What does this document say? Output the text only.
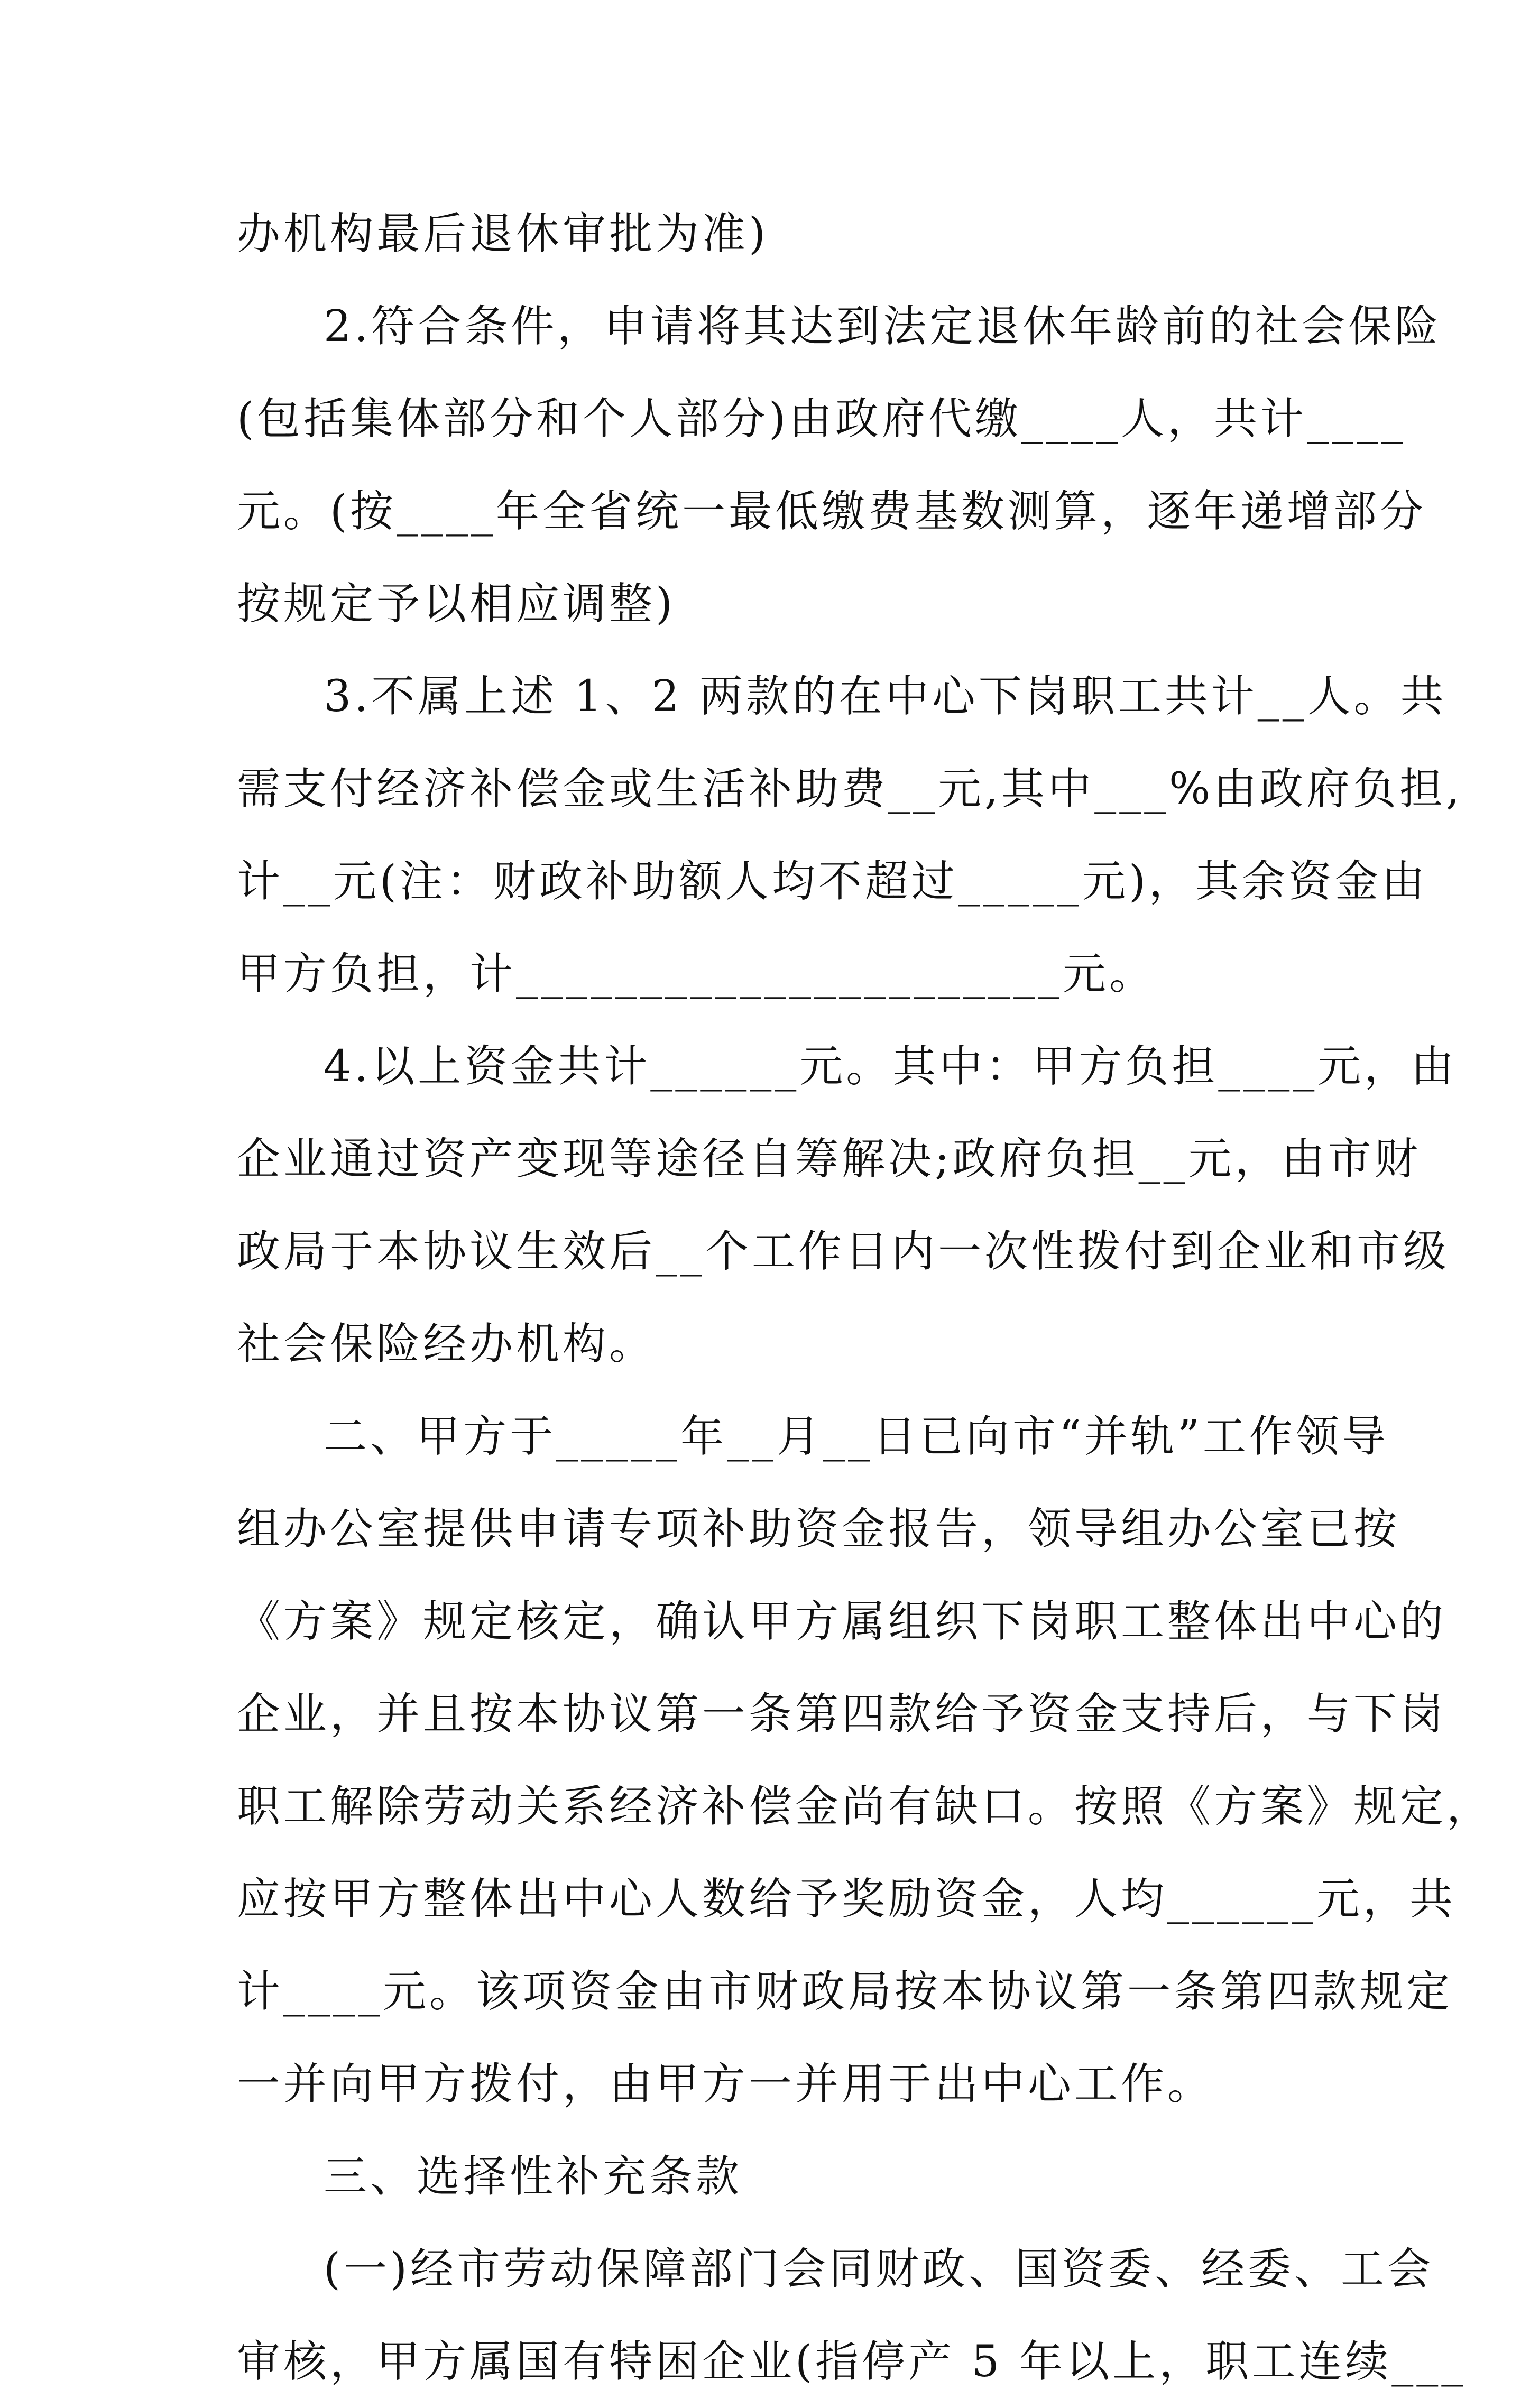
办机构最后退休审批为准)
2.符合条件，申请将其达到法定退休年龄前的社会保险
(包括集体部分和个人部分)由政府代缴____人，共计____
元。(按____年全省统一最低缴费基数测算，逐年递增部分
按规定予以相应调整)
3.不属上述 1、2 两款的在中心下岗职工共计__人。共
需支付经济补偿金或生活补助费__元,其中___%由政府负担,
计__元(注：财政补助额人均不超过_____元)，其余资金由
甲方负担，计______________________元。
4.以上资金共计______元。其中：甲方负担____元，由
企业通过资产变现等途径自筹解决;政府负担__元，由市财
政局于本协议生效后__个工作日内一次性拨付到企业和市级
社会保险经办机构。
二、甲方于_____年__月__日已向市“并轨”工作领导
组办公室提供申请专项补助资金报告，领导组办公室已按
《方案》规定核定，确认甲方属组织下岗职工整体出中心的
企业，并且按本协议第一条第四款给予资金支持后，与下岗
职工解除劳动关系经济补偿金尚有缺口。按照《方案》规定，
应按甲方整体出中心人数给予奖励资金，人均______元，共
计____元。该项资金由市财政局按本协议第一条第四款规定
一并向甲方拨付，由甲方一并用于出中心工作。
三、选择性补充条款
(一)经市劳动保障部门会同财政、国资委、经委、工会
审核，甲方属国有特困企业(指停产 5 年以上，职工连续___
